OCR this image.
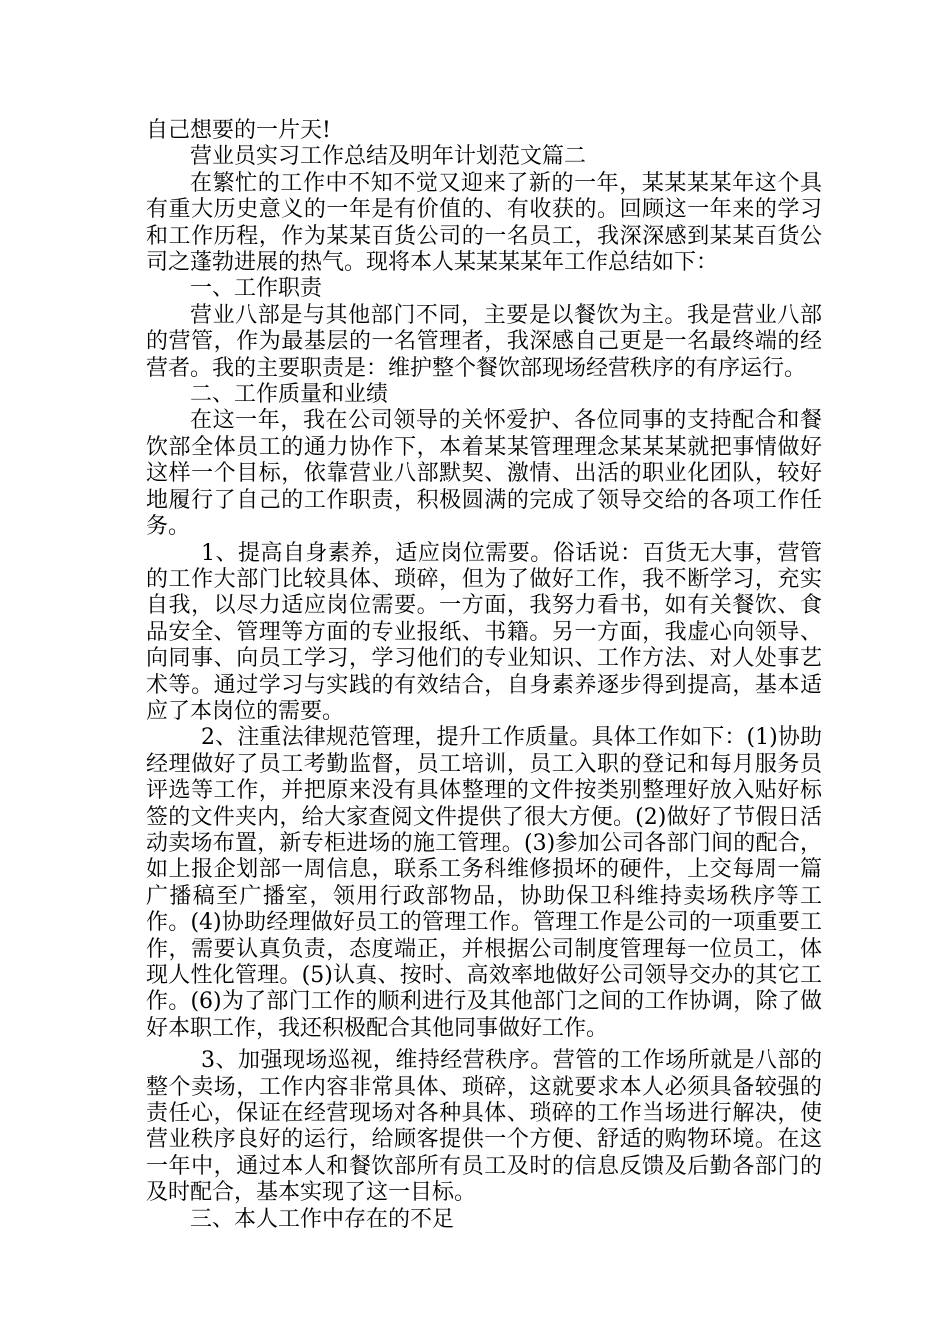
自己想要的一片天!

营业员实习工作总结及明年计划范文篇二

在繁忙的工作中不知不觉又迎来了新的一年，某某某某年这个具有重大历史意义的一年是有价值的、有收获的。回顾这一年来的学习和工作历程，作为某某百货公司的一名员工，我深深感到某某百货公司之蓬勃进展的热气。现将本人某某某某年工作总结如下：

一、工作职责

营业八部是与其他部门不同，主要是以餐饮为主。我是营业八部的营管，作为最基层的一名管理者，我深感自己更是一名最终端的经营者。我的主要职责是：维护整个餐饮部现场经营秩序的有序运行。

二、工作质量和业绩

在这一年，我在公司领导的关怀爱护、各位同事的支持配合和餐饮部全体员工的通力协作下，本着某某管理理念某某某就把事情做好这样一个目标，依靠营业八部默契、激情、出活的职业化团队，较好地履行了自己的工作职责，积极圆满的完成了领导交给的各项工作任务。

1、提高自身素养，适应岗位需要。俗话说：百货无大事，营管的工作大部门比较具体、琐碎，但为了做好工作，我不断学习，充实自我，以尽力适应岗位需要。一方面，我努力看书，如有关餐饮、食品安全、管理等方面的专业报纸、书籍。另一方面，我虚心向领导、向同事、向员工学习，学习他们的专业知识、工作方法、对人处事艺术等。通过学习与实践的有效结合，自身素养逐步得到提高，基本适应了本岗位的需要。

2、注重法律规范管理，提升工作质量。具体工作如下：(1)协助经理做好了员工考勤监督，员工培训，员工入职的登记和每月服务员评选等工作，并把原来没有具体整理的文件按类别整理好放入贴好标签的文件夹内，给大家查阅文件提供了很大方便。(2)做好了节假日活动卖场布置，新专柜进场的施工管理。(3)参加公司各部门间的配合，如上报企划部一周信息，联系工务科维修损坏的硬件，上交每周一篇广播稿至广播室，领用行政部物品，协助保卫科维持卖场秩序等工作。(4)协助经理做好员工的管理工作。管理工作是公司的一项重要工作，需要认真负责，态度端正，并根据公司制度管理每一位员工，体现人性化管理。(5)认真、按时、高效率地做好公司领导交办的其它工作。(6)为了部门工作的顺利进行及其他部门之间的工作协调，除了做好本职工作，我还积极配合其他同事做好工作。

3、加强现场巡视，维持经营秩序。营管的工作场所就是八部的整个卖场，工作内容非常具体、琐碎，这就要求本人必须具备较强的责任心，保证在经营现场对各种具体、琐碎的工作当场进行解决，使营业秩序良好的运行，给顾客提供一个方便、舒适的购物环境。在这一年中，通过本人和餐饮部所有员工及时的信息反馈及后勤各部门的及时配合，基本实现了这一目标。

三、本人工作中存在的不足
